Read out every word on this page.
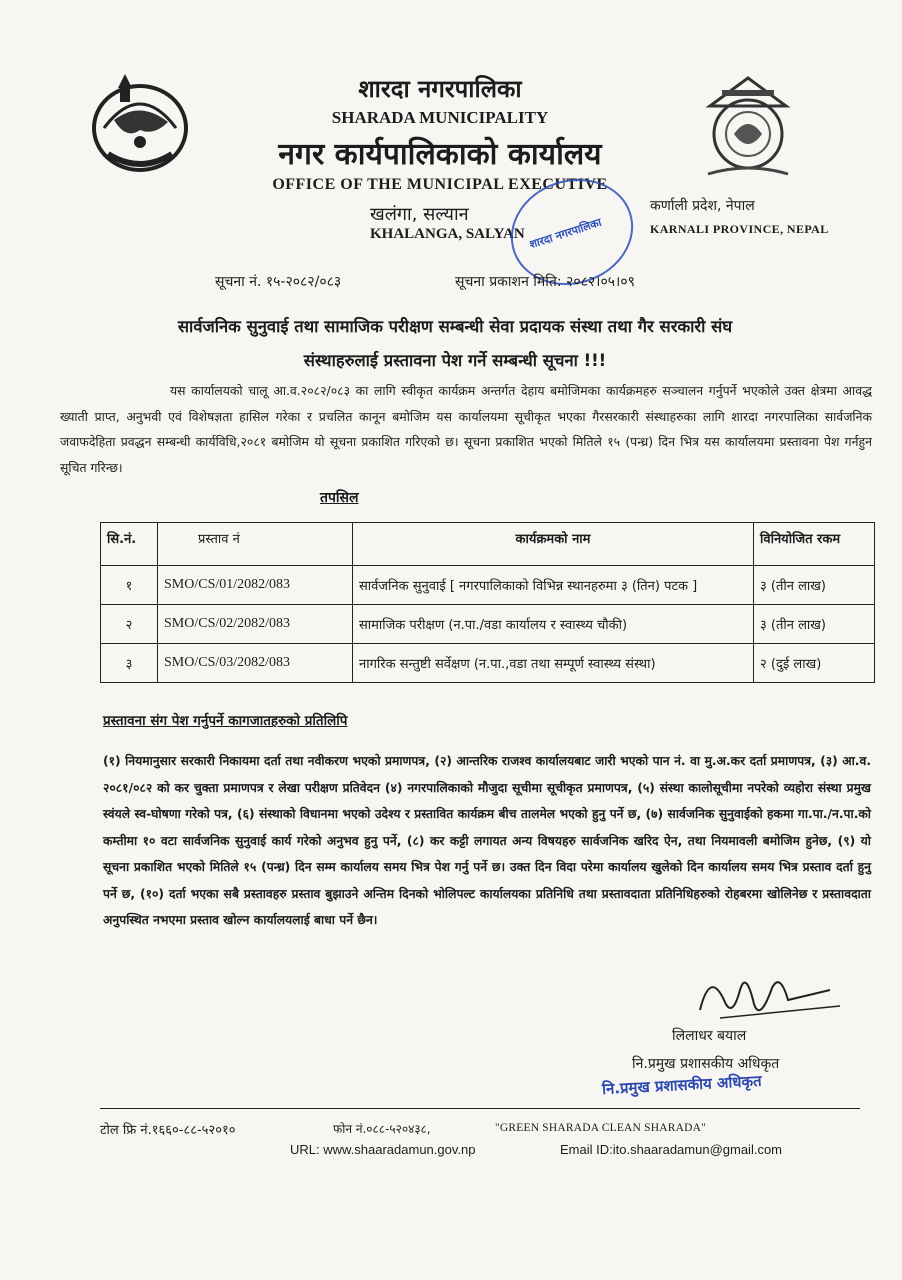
शारदा नगरपालिका
SHARADA MUNICIPALITY
नगर कार्यपालिकाको कार्यालय
OFFICE OF THE MUNICIPAL EXECUTIVE
खलंगा, सल्यान
KHALANGA, SALYAN
कर्णाली प्रदेश, नेपाल
KARNALI PROVINCE, NEPAL
शारदा नगरपालिका
सूचना नं. १५-२०८२/०८३	सूचना प्रकाशन मिति: २०८२।०५।०९
सार्वजनिक सुनुवाई तथा सामाजिक परीक्षण सम्बन्धी सेवा प्रदायक संस्था तथा गैर सरकारी संघ
संस्थाहरुलाई प्रस्तावना पेश गर्ने सम्बन्धी सूचना !!!
यस कार्यालयको चालू आ.व.२०८२/०८३ का लागि स्वीकृत कार्यक्रम अन्तर्गत देहाय बमोजिमका कार्यक्रमहरु सञ्चालन गर्नुपर्ने भएकोले उक्त क्षेत्रमा आवद्ध ख्याती प्राप्त, अनुभवी एवं विशेषज्ञता हासिल गरेका र प्रचलित कानून बमोजिम यस कार्यालयमा सूचीकृत भएका गैरसरकारी संस्थाहरुका लागि शारदा नगरपालिका सार्वजनिक जवाफदेहिता प्रवद्धन सम्बन्धी कार्यविधि,२०८१ बमोजिम यो सूचना प्रकाशित गरिएको छ। सूचना प्रकाशित भएको मितिले १५ (पन्ध्र) दिन भित्र यस कार्यालयमा प्रस्तावना पेश गर्नहुन सूचित गरिन्छ।
तपसिल
सि.नं.	प्रस्ताव नं	कार्यक्रमको नाम	विनियोजित रकम
१	SMO/CS/01/2082/083	सार्वजनिक सुनुवाई [ नगरपालिकाको विभिन्न स्थानहरुमा ३ (तिन) पटक ]	३ (तीन लाख)
२	SMO/CS/02/2082/083	सामाजिक परीक्षण (न.पा./वडा कार्यालय र स्वास्थ्य चौकी)	३ (तीन लाख)
३	SMO/CS/03/2082/083	नागरिक सन्तुष्टी सर्वेक्षण (न.पा.,वडा तथा सम्पूर्ण स्वास्थ्य संस्था)	२ (दुई लाख)
प्रस्तावना संग पेश गर्नुपर्ने कागजातहरुको प्रतिलिपि
(१) नियमानुसार सरकारी निकायमा दर्ता तथा नवीकरण भएको प्रमाणपत्र, (२) आन्तरिक राजश्व कार्यालयबाट जारी भएको पान नं. वा मु.अ.कर दर्ता प्रमाणपत्र, (३) आ.व. २०८१/०८२ को कर चुक्ता प्रमाणपत्र र लेखा परीक्षण प्रतिवेदन (४) नगरपालिकाको मौजुदा सूचीमा सूचीकृत प्रमाणपत्र, (५) संस्था कालोसूचीमा नपरेको व्यहोरा संस्था प्रमुख स्वंयले स्व-घोषणा गरेको पत्र, (६) संस्थाको विधानमा भएको उदेश्य र प्रस्तावित कार्यक्रम बीच तालमेल भएको हुनु पर्ने छ, (७) सार्वजनिक सुनुवाईको हकमा गा.पा./न.पा.को कम्तीमा १० वटा सार्वजनिक सुनुवाई कार्य गरेको अनुभव हुनु पर्ने, (८) कर कट्टी लगायत अन्य विषयहरु सार्वजनिक खरिद ऐन, तथा नियमावली बमोजिम हुनेछ, (९) यो सूचना प्रकाशित भएको मितिले १५ (पन्ध्र) दिन सम्म कार्यालय समय भित्र पेश गर्नु पर्ने छ। उक्त दिन विदा परेमा कार्यालय खुलेको दिन कार्यालय समय भित्र प्रस्ताव दर्ता हुनु पर्ने छ, (१०) दर्ता भएका सबै प्रस्तावहरु प्रस्ताव बुझाउने अन्तिम दिनको भोलिपल्ट कार्यालयका प्रतिनिधि तथा प्रस्तावदाता प्रतिनिधिहरुको रोहबरमा खोलिनेछ र प्रस्तावदाता अनुपस्थित नभएमा प्रस्ताव खोल्न कार्यालयलाई बाधा पर्ने छैन।
लिलाधर बयाल
नि.प्रमुख प्रशासकीय अधिकृत
नि.प्रमुख प्रशासकीय अधिकृत
टोल फ्रि नं.१६६०-८८-५२०१०	फोन नं.०८८-५२०४३८,	"GREEN SHARADA CLEAN SHARADA"
URL: www.shaaradamun.gov.np	Email ID:ito.shaaradamun@gmail.com
